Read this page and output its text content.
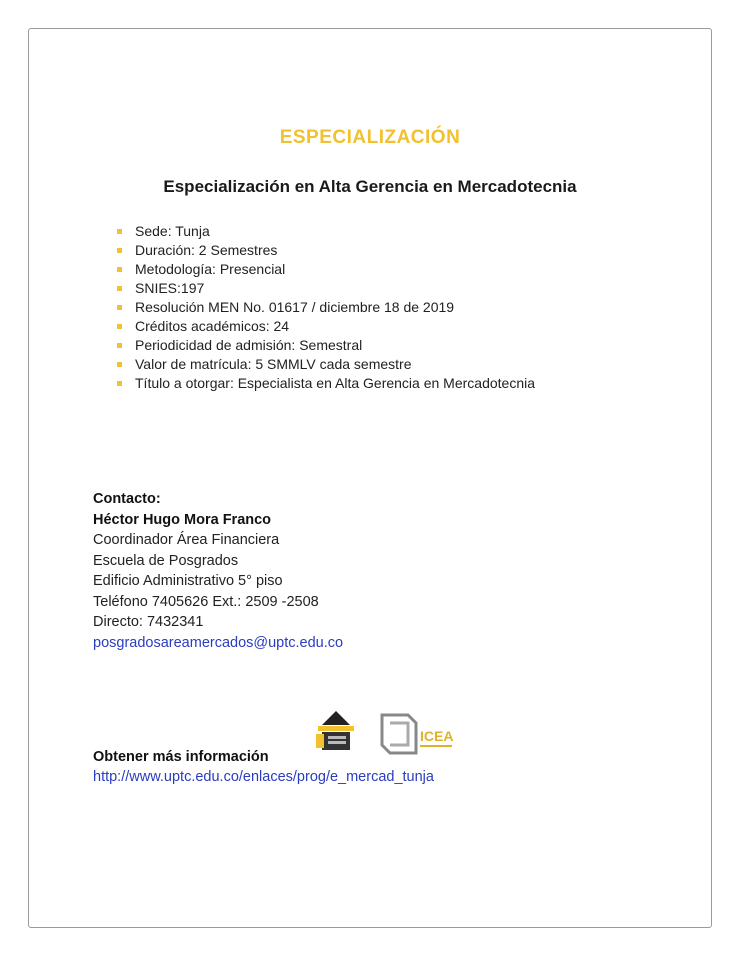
ESPECIALIZACIÓN
Especialización en Alta Gerencia en Mercadotecnia
Sede: Tunja
Duración: 2 Semestres
Metodología: Presencial
SNIES:197
Resolución MEN No. 01617 / diciembre 18 de 2019
Créditos académicos: 24
Periodicidad de admisión: Semestral
Valor de matrícula: 5 SMMLV cada semestre
Título a otorgar: Especialista en Alta Gerencia en Mercadotecnia
Contacto:
Héctor Hugo Mora Franco
Coordinador Área Financiera
Escuela de Posgrados
Edificio Administrativo 5° piso
Teléfono 7405626 Ext.: 2509 -2508
Directo: 7432341
posgradosareamercados@uptc.edu.co
ICEA
Obtener más información
http://www.uptc.edu.co/enlaces/prog/e_mercad_tunja
